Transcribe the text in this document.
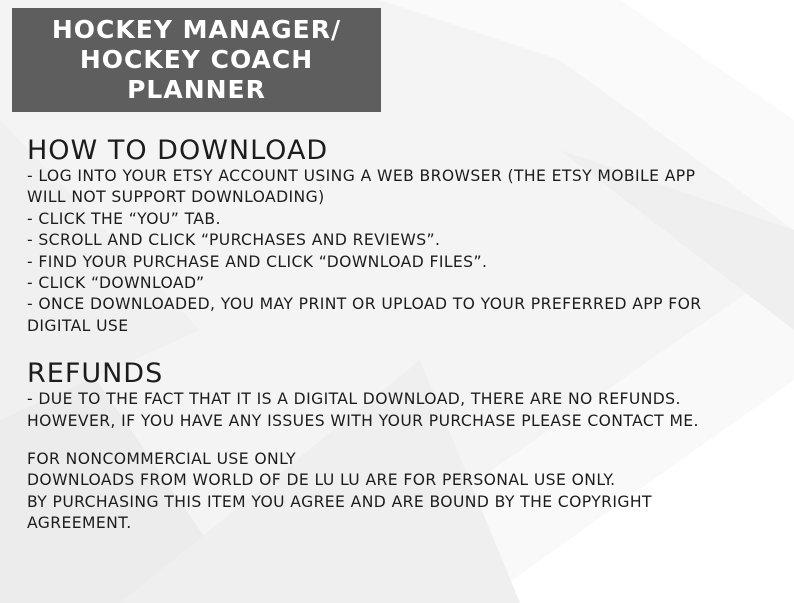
HOCKEY MANAGER/
HOCKEY COACH
PLANNER
HOW TO DOWNLOAD
- LOG INTO YOUR ETSY ACCOUNT USING A WEB BROWSER (THE ETSY MOBILE APP
WILL NOT SUPPORT DOWNLOADING)
- CLICK THE “YOU” TAB.
- SCROLL AND CLICK “PURCHASES AND REVIEWS”.
- FIND YOUR PURCHASE AND CLICK “DOWNLOAD FILES”.
- CLICK “DOWNLOAD”
- ONCE DOWNLOADED, YOU MAY PRINT OR UPLOAD TO YOUR PREFERRED APP FOR
DIGITAL USE
REFUNDS
- DUE TO THE FACT THAT IT IS A DIGITAL DOWNLOAD, THERE ARE NO REFUNDS.
HOWEVER, IF YOU HAVE ANY ISSUES WITH YOUR PURCHASE PLEASE CONTACT ME.
FOR NONCOMMERCIAL USE ONLY
DOWNLOADS FROM WORLD OF DE LU LU ARE FOR PERSONAL USE ONLY.
BY PURCHASING THIS ITEM YOU AGREE AND ARE BOUND BY THE COPYRIGHT
AGREEMENT.
